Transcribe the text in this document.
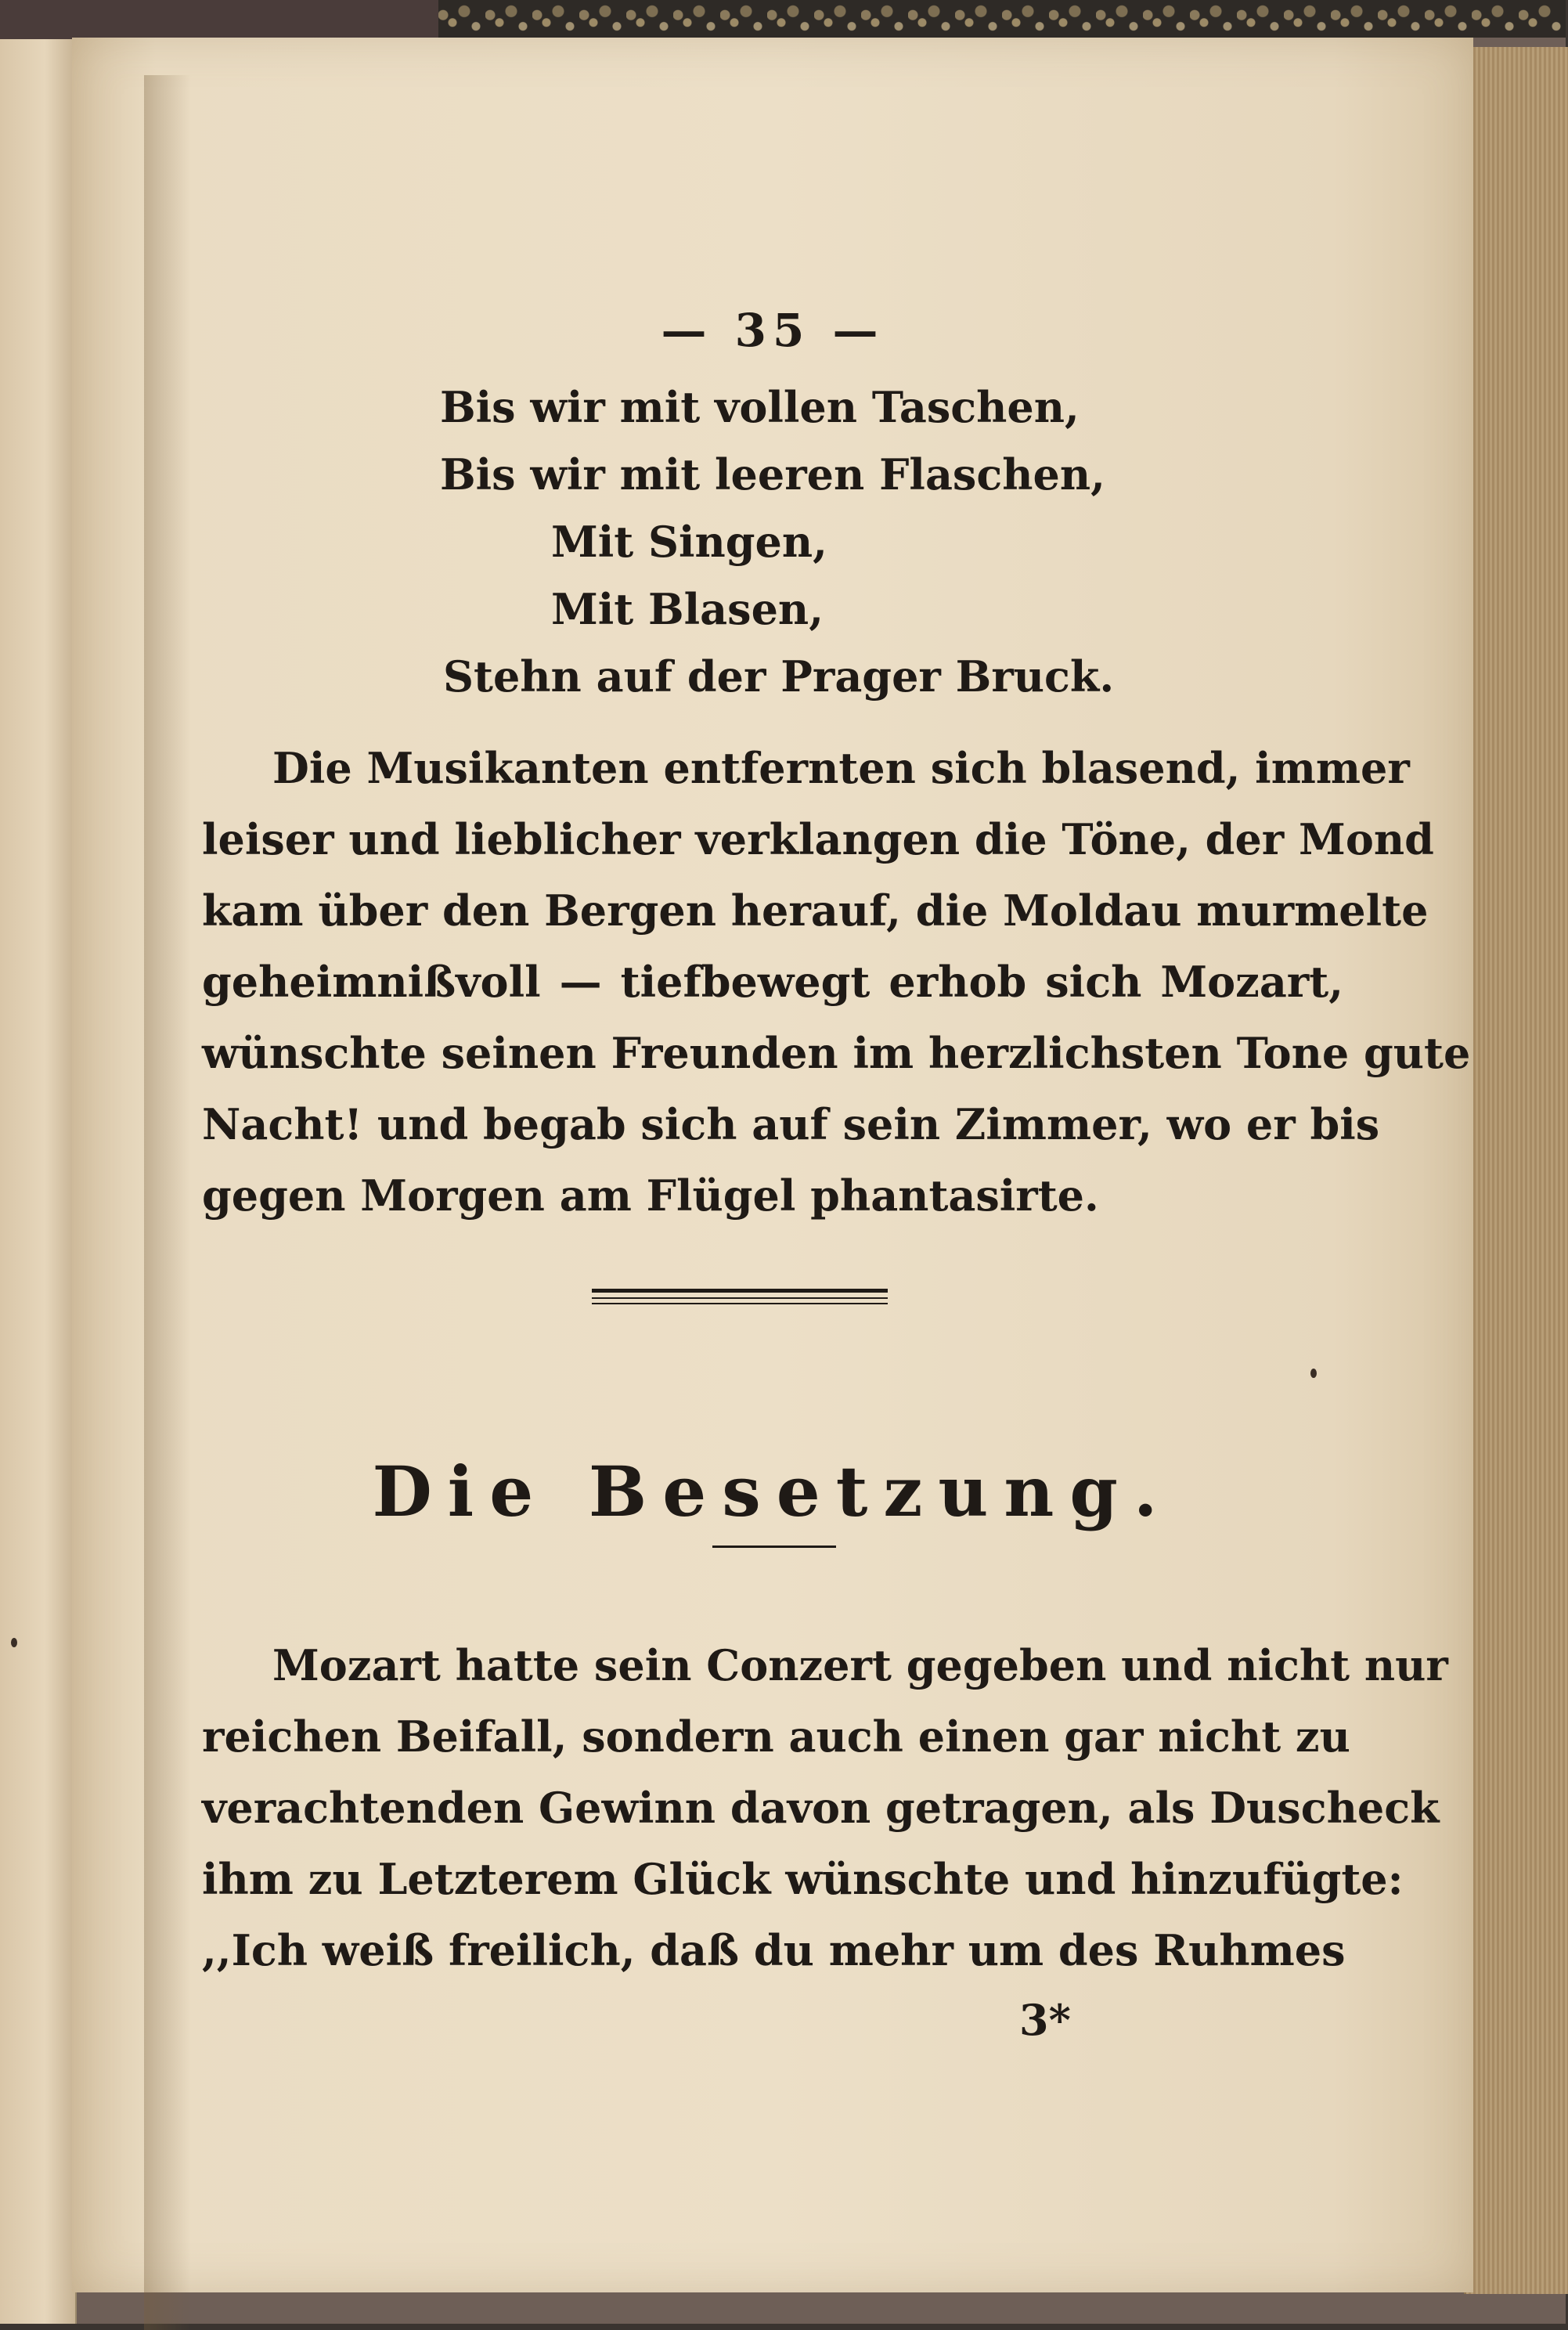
— 35 —
Bis wir mit vollen Taschen,
Bis wir mit leeren Flaschen,
Mit Singen,
Mit Blasen,
Stehn auf der Prager Bruck.
Die Musikanten entfernten sich blasend, immer
leiser und lieblicher verklangen die Töne, der Mond
kam über den Bergen herauf, die Moldau murmelte
geheimnißvoll — tiefbewegt erhob sich Mozart,
wünschte seinen Freunden im herzlichsten Tone gute
Nacht! und begab sich auf sein Zimmer, wo er bis
gegen Morgen am Flügel phantasirte.
Die Besetzung.
Mozart hatte sein Conzert gegeben und nicht nur
reichen Beifall, sondern auch einen gar nicht zu
verachtenden Gewinn davon getragen, als Duscheck
ihm zu Letzterem Glück wünschte und hinzufügte:
,,Ich weiß freilich, daß du mehr um des Ruhmes
3*
